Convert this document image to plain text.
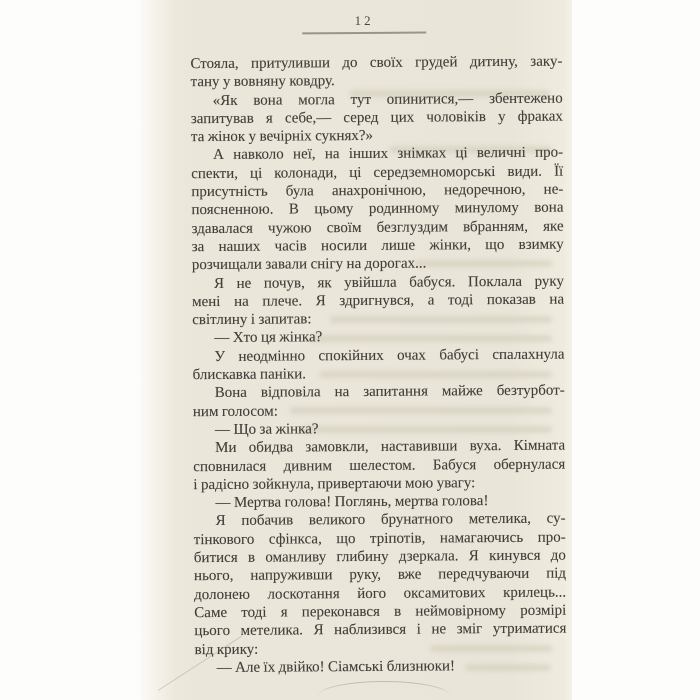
12
Стояла, притуливши до своїх грудей дитину, заку-
тану у вовняну ковдру.
«Як вона могла тут опинитися,— збентежено
запитував я себе,— серед цих чоловіків у фраках
та жінок у вечірніх сукнях?»
А навколо неї, на інших знімках ці величні про-
спекти, ці колонади, ці середземноморські види. Її
присутність була анахронічною, недоречною, не-
поясненною. В цьому родинному минулому вона
здавалася чужою своїм безглуздим вбранням, яке
за наших часів носили лише жінки, що взимку
розчищали завали снігу на дорогах...
Я не почув, як увійшла бабуся. Поклала руку
мені на плече. Я здригнувся, а тоді показав на
світлину і запитав:
— Хто ця жінка?
У неодмінно спокійних очах бабусі спалахнула
блискавка паніки.
Вона відповіла на запитання майже безтурбот-
ним голосом:
— Що за жінка?
Ми обидва замовкли, наставивши вуха. Кімната
сповнилася дивним шелестом. Бабуся обернулася
і радісно зойкнула, привертаючи мою увагу:
— Мертва голова! Поглянь, мертва голова!
Я побачив великого брунатного метелика, су-
тінкового сфінкса, що тріпотів, намагаючись про-
битися в оманливу глибину дзеркала. Я кинувся до
нього, напруживши руку, вже передчуваючи під
долонею лоскотання його оксамитових крилець...
Саме тоді я переконався в неймовірному розмірі
цього метелика. Я наблизився і не зміг утриматися
від крику:
— Але їх двійко! Сіамські близнюки!
